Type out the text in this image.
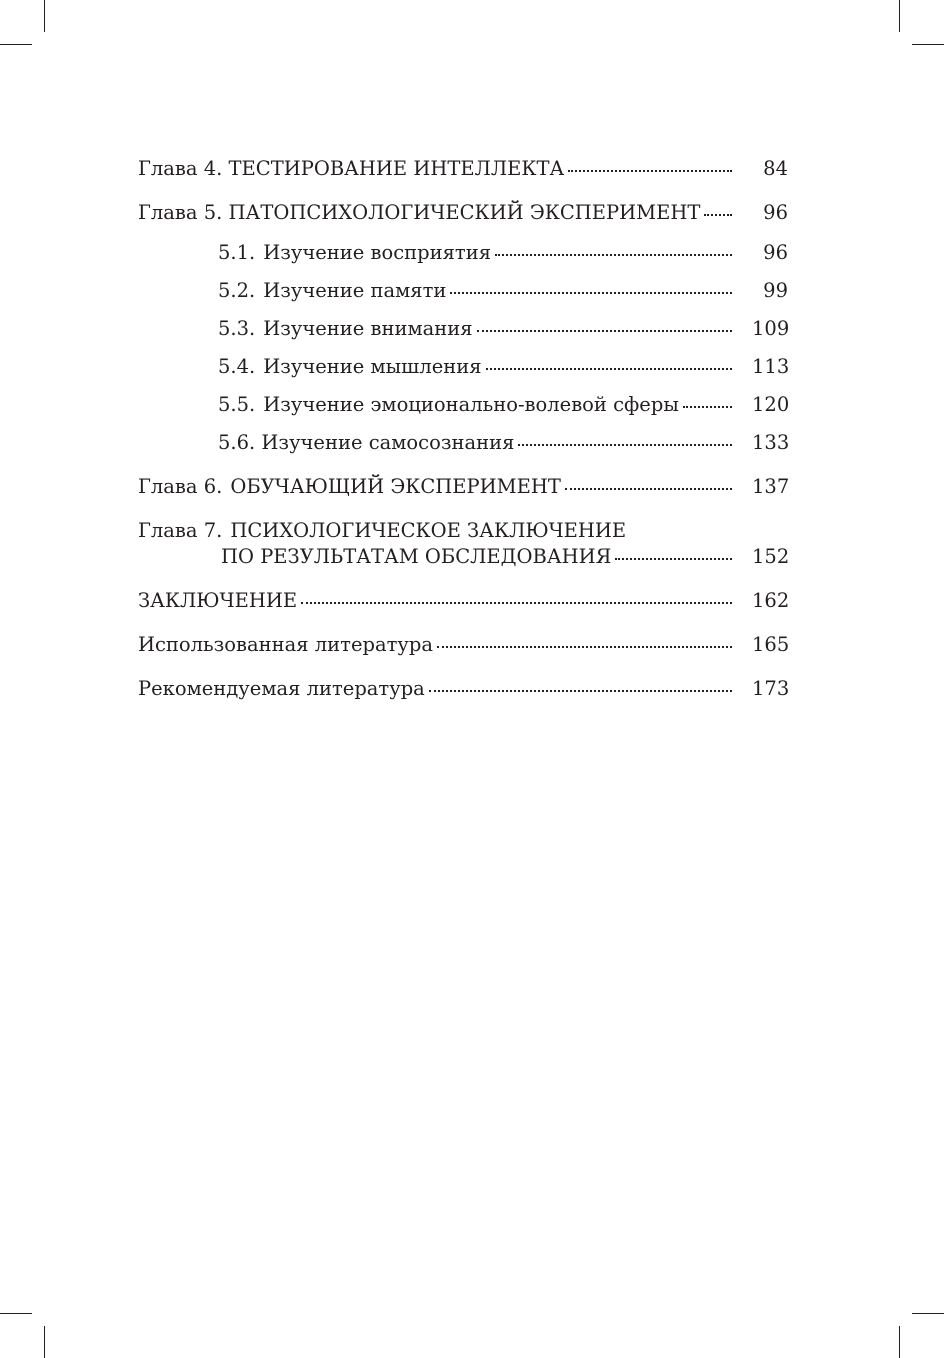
Глава 4. ТЕСТИРОВАНИЕ ИНТЕЛЛЕКТА	84
Глава 5. ПАТОПСИХОЛОГИЧЕСКИЙ ЭКСПЕРИМЕНТ	96
5.1. Изучение восприятия	96
5.2. Изучение памяти	99
5.3. Изучение внимания	109
5.4. Изучение мышления	113
5.5. Изучение эмоционально-волевой сферы	120
5.6. Изучение самосознания	133
Глава 6. ОБУЧАЮЩИЙ ЭКСПЕРИМЕНТ	137
Глава 7. ПСИХОЛОГИЧЕСКОЕ ЗАКЛЮЧЕНИЕ
ПО РЕЗУЛЬТАТАМ ОБСЛЕДОВАНИЯ	152
ЗАКЛЮЧЕНИЕ	162
Использованная литература	165
Рекомендуемая литература	173
